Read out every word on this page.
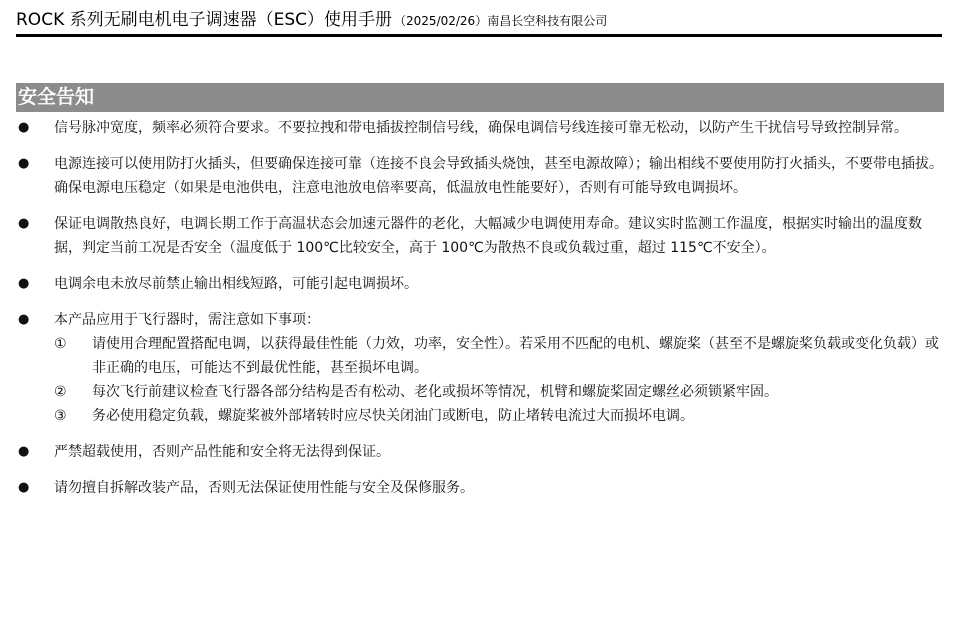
ROCK 系列无刷电机电子调速器（ESC）使用手册 （2025/02/26）南昌长空科技有限公司
安全告知
●	信号脉冲宽度，频率必须符合要求。不要拉拽和带电插拔控制信号线，确保电调信号线连接可靠无松动，以防产生干扰信号导致控制异常。
●	电源连接可以使用防打火插头，但要确保连接可靠（连接不良会导致插头烧蚀，甚至电源故障）；输出相线不要使用防打火插头，不要带电插拔。确保电源电压稳定（如果是电池供电，注意电池放电倍率要高，低温放电性能要好），否则有可能导致电调损坏。
●	保证电调散热良好，电调长期工作于高温状态会加速元器件的老化，大幅减少电调使用寿命。建议实时监测工作温度，根据实时输出的温度数据，判定当前工况是否安全（温度低于 100℃比较安全，高于 100℃为散热不良或负载过重，超过 115℃不安全）。
●	电调余电未放尽前禁止输出相线短路，可能引起电调损坏。
●	本产品应用于飞行器时，需注意如下事项：
① 请使用合理配置搭配电调，以获得最佳性能（力效，功率，安全性）。若采用不匹配的电机、螺旋桨（甚至不是螺旋桨负载或变化负载）或非正确的电压，可能达不到最优性能，甚至损坏电调。
② 每次飞行前建议检查飞行器各部分结构是否有松动、老化或损坏等情况，机臂和螺旋桨固定螺丝必须锁紧牢固。
③ 务必使用稳定负载，螺旋桨被外部堵转时应尽快关闭油门或断电，防止堵转电流过大而损坏电调。
●	严禁超载使用，否则产品性能和安全将无法得到保证。
●	请勿擅自拆解改装产品，否则无法保证使用性能与安全及保修服务。
